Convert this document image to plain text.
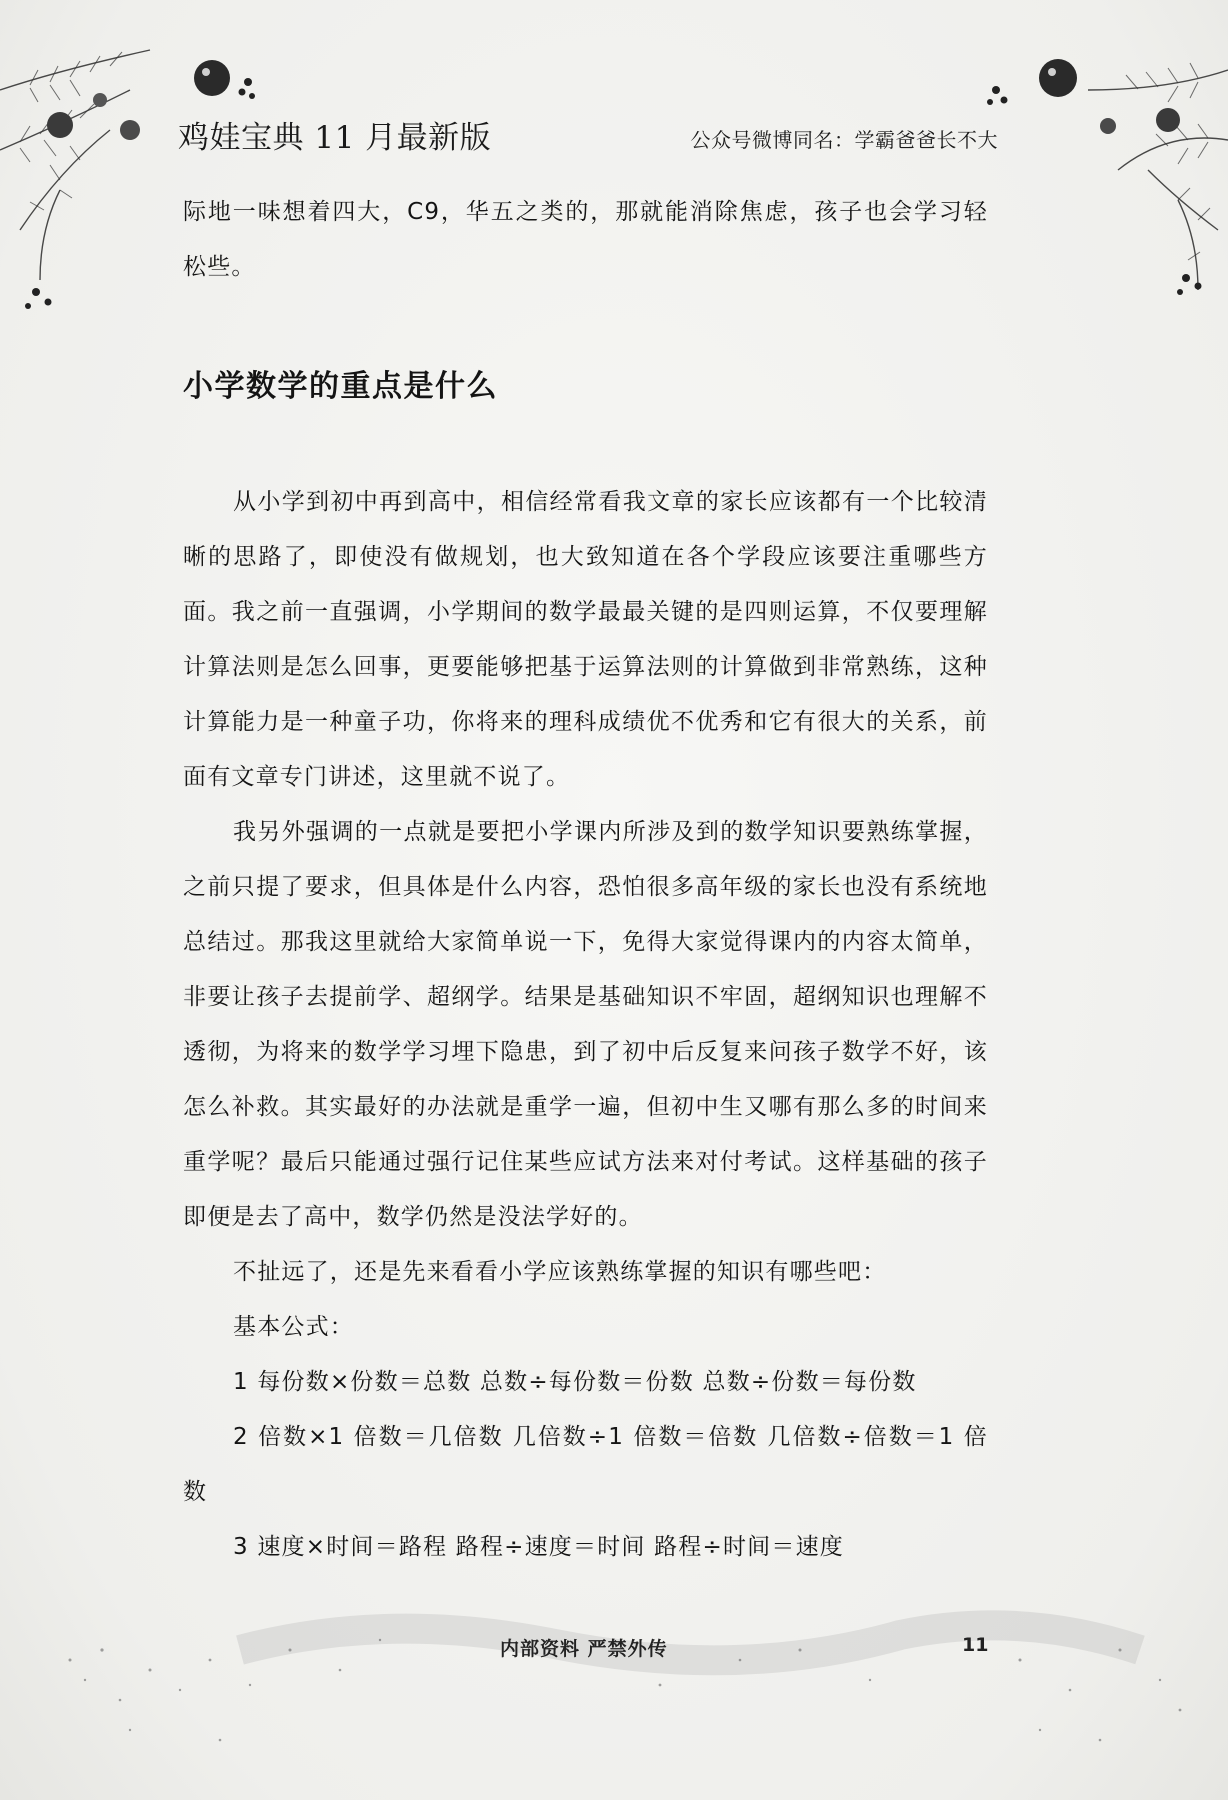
鸡娃宝典 11 月最新版	公众号微博同名：学霸爸爸长不大

际地一味想着四大，C9，华五之类的，那就能消除焦虑，孩子也会学习轻松些。

小学数学的重点是什么

从小学到初中再到高中，相信经常看我文章的家长应该都有一个比较清晰的思路了，即使没有做规划，也大致知道在各个学段应该要注重哪些方面。我之前一直强调，小学期间的数学最最关键的是四则运算，不仅要理解计算法则是怎么回事，更要能够把基于运算法则的计算做到非常熟练，这种计算能力是一种童子功，你将来的理科成绩优不优秀和它有很大的关系，前面有文章专门讲述，这里就不说了。

我另外强调的一点就是要把小学课内所涉及到的数学知识要熟练掌握，之前只提了要求，但具体是什么内容，恐怕很多高年级的家长也没有系统地总结过。那我这里就给大家简单说一下，免得大家觉得课内的内容太简单，非要让孩子去提前学、超纲学。结果是基础知识不牢固，超纲知识也理解不透彻，为将来的数学学习埋下隐患，到了初中后反复来问孩子数学不好，该怎么补救。其实最好的办法就是重学一遍，但初中生又哪有那么多的时间来重学呢？最后只能通过强行记住某些应试方法来对付考试。这样基础的孩子即便是去了高中，数学仍然是没法学好的。

不扯远了，还是先来看看小学应该熟练掌握的知识有哪些吧：

基本公式：

1 每份数×份数＝总数 总数÷每份数＝份数 总数÷份数＝每份数

2 倍数×1 倍数＝几倍数 几倍数÷1 倍数＝倍数 几倍数÷倍数＝1 倍数

3 速度×时间＝路程 路程÷速度＝时间 路程÷时间＝速度

内部资料 严禁外传	11
